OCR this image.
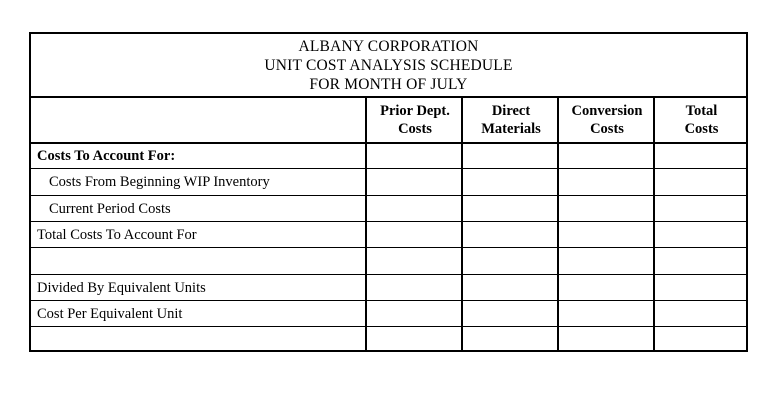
ALBANY CORPORATION
UNIT COST ANALYSIS SCHEDULE
FOR MONTH OF JULY
Prior Dept.
Costs
Direct
Materials
Conversion
Costs
Total
Costs
Costs To Account For:
Costs From Beginning WIP Inventory
Current Period Costs
Total Costs To Account For
Divided By Equivalent Units
Cost Per Equivalent Unit
